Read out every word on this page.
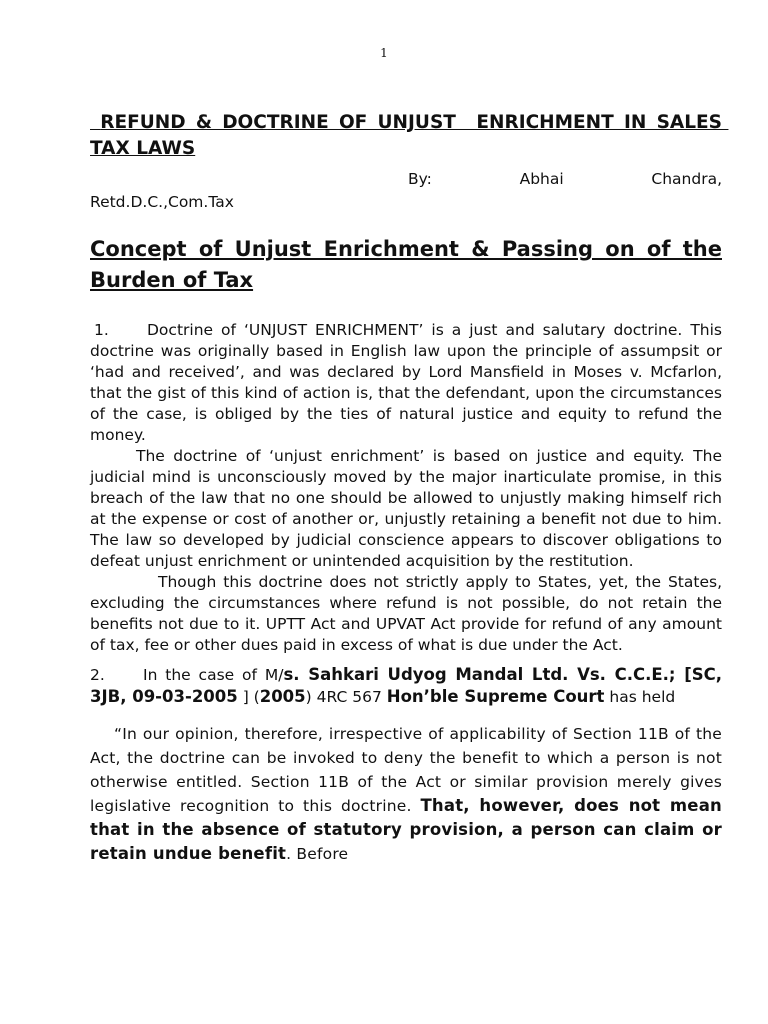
1
REFUND & DOCTRINE OF UNJUST  ENRICHMENT IN SALES TAX LAWS
By:	Abhai	Chandra,
Retd.D.C.,Com.Tax
Concept of Unjust Enrichment & Passing on of the Burden of Tax

1. Doctrine of ‘UNJUST ENRICHMENT’ is a just and salutary doctrine. This doctrine was originally based in English law upon the principle of assumpsit or ‘had and received’, and was declared by Lord Mansfield in Moses v. Mcfarlon, that the gist of this kind of action is, that the defendant, upon the circumstances of the case, is obliged by the ties of natural justice and equity to refund the money.

The doctrine of ‘unjust enrichment’ is based on justice and equity. The judicial mind is unconsciously moved by the major inarticulate promise, in this breach of the law that no one should be allowed to unjustly making himself rich at the expense or cost of another or, unjustly retaining a benefit not due to him. The law so developed by judicial conscience appears to discover obligations to defeat unjust enrichment or unintended acquisition by the restitution.

Though this doctrine does not strictly apply to States, yet, the States, excluding the circumstances where refund is not possible, do not retain the benefits not due to it. UPTT Act and UPVAT Act provide for refund of any amount of tax, fee or other dues paid in excess of what is due under the Act.

2. In the case of M/s. Sahkari Udyog Mandal Ltd. Vs. C.C.E.; [SC, 3JB, 09-03-2005 ] (2005) 4RC 567 Hon’ble Supreme Court has held

“In our opinion, therefore, irrespective of applicability of Section 11B of the Act, the doctrine can be invoked to deny the benefit to which a person is not otherwise entitled. Section 11B of the Act or similar provision merely gives legislative recognition to this doctrine. That, however, does not mean that in the absence of statutory provision, a person can claim or retain undue benefit. Before
